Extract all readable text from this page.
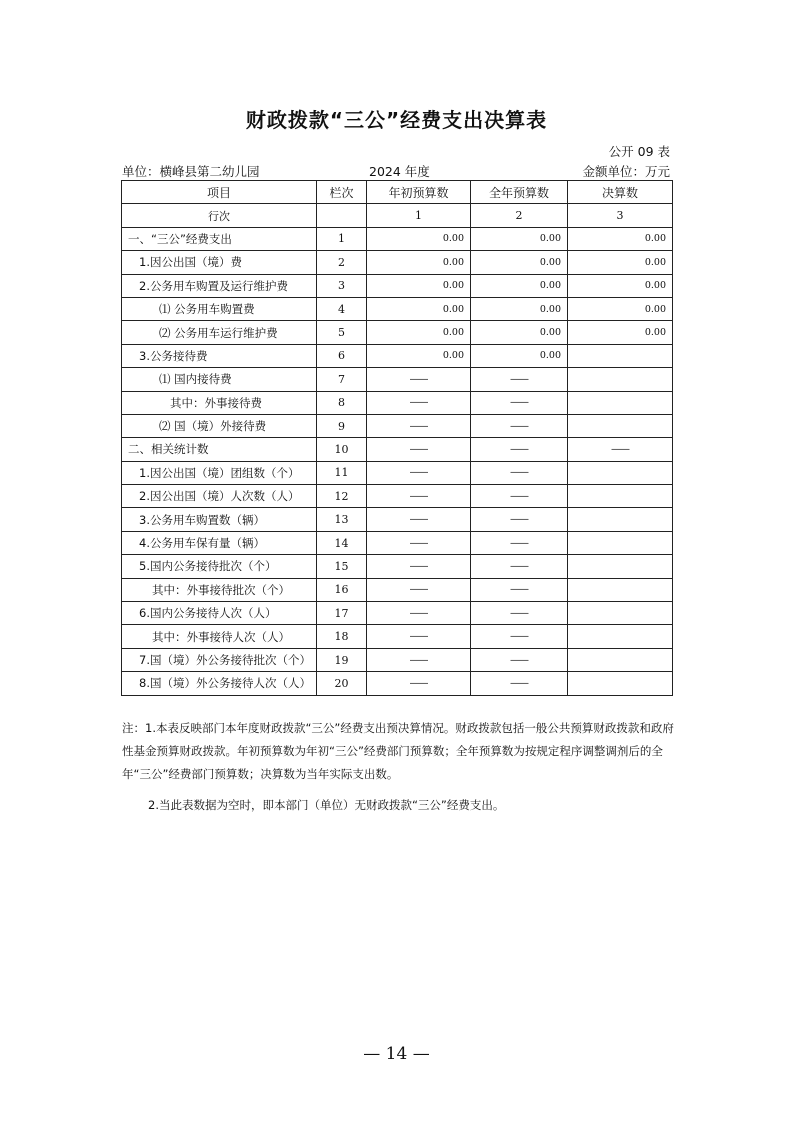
财政拨款“三公”经费支出决算表
公开 09 表
单位：横峰县第二幼儿园	2024 年度	金额单位：万元
项目	栏次	年初预算数	全年预算数	决算数
行次		1	2	3
一、“三公”经费支出	1	0.00	0.00	0.00
1.因公出国（境）费	2	0.00	0.00	0.00
2.公务用车购置及运行维护费	3	0.00	0.00	0.00
⑴ 公务用车购置费	4	0.00	0.00	0.00
⑵ 公务用车运行维护费	5	0.00	0.00	0.00
3.公务接待费	6	0.00	0.00	
⑴ 国内接待费	7	——	——	
其中：外事接待费	8	——	——	
⑵ 国（境）外接待费	9	——	——	
二、相关统计数	10	——	——	——
1.因公出国（境）团组数（个）	11	——	——	
2.因公出国（境）人次数（人）	12	——	——	
3.公务用车购置数（辆）	13	——	——	
4.公务用车保有量（辆）	14	——	——	
5.国内公务接待批次（个）	15	——	——	
其中：外事接待批次（个）	16	——	——	
6.国内公务接待人次（人）	17	——	——	
其中：外事接待人次（人）	18	——	——	
7.国（境）外公务接待批次（个）	19	——	——	
8.国（境）外公务接待人次（人）	20	——	——	

注：1.本表反映部门本年度财政拨款“三公”经费支出预决算情况。财政拨款包括一般公共预算财政拨款和政府性基金预算财政拨款。年初预算数为年初“三公”经费部门预算数；全年预算数为按规定程序调整调剂后的全年“三公”经费部门预算数；决算数为当年实际支出数。

2.当此表数据为空时，即本部门（单位）无财政拨款“三公”经费支出。

— 14 —
